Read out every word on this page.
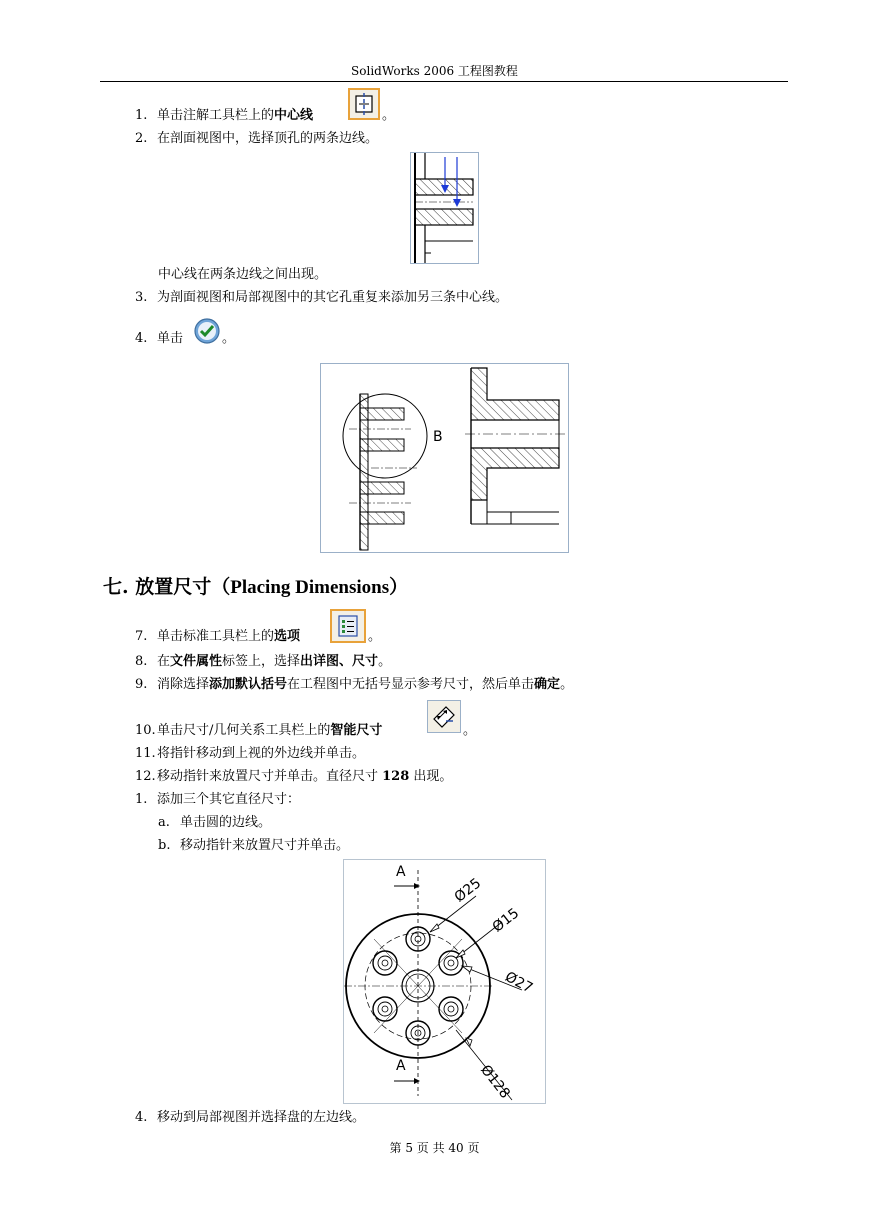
SolidWorks 2006 工程图教程
1. 单击注解工具栏上的中心线	。
2. 在剖面视图中，选择顶孔的两条边线。
中心线在两条边线之间出现。
3. 为剖面视图和局部视图中的其它孔重复来添加另三条中心线。
4. 单击	。
B
七. 放置尺寸（Placing Dimensions）
7. 单击标准工具栏上的选项	。
8. 在文件属性标签上，选择出详图、尺寸。
9. 消除选择添加默认括号在工程图中无括号显示参考尺寸，然后单击确定。
10.单击尺寸/几何关系工具栏上的智能尺寸	。
11.将指针移动到上视的外边线并单击。
12.移动指针来放置尺寸并单击。直径尺寸 128 出现。
1. 添加三个其它直径尺寸：
a. 单击圆的边线。
b. 移动指针来放置尺寸并单击。
A
A
Ø25
Ø15
Ø27
Ø128
4. 移动到局部视图并选择盘的左边线。
第 5 页 共 40 页
